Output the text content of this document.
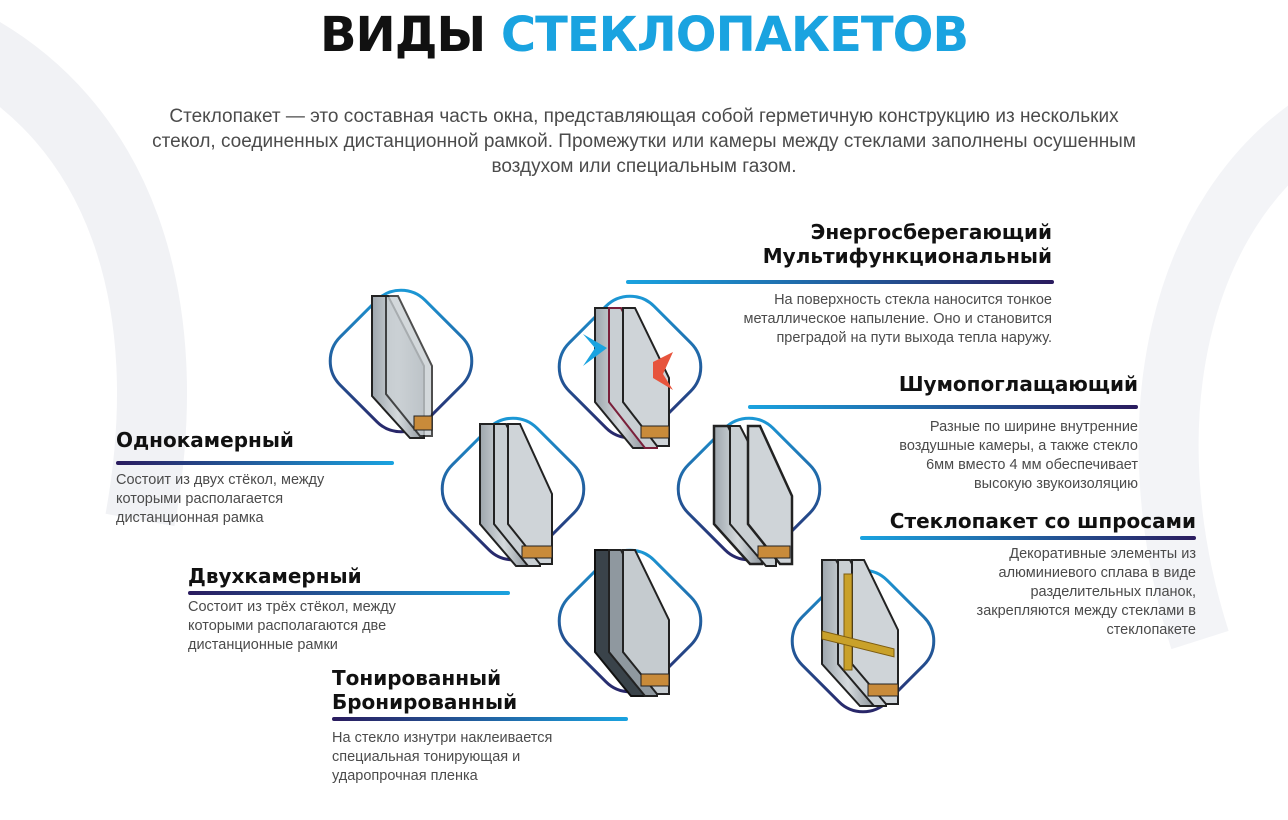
ВИДЫ СТЕКЛОПАКЕТОВ
Стеклопакет — это составная часть окна, представляющая собой герметичную конструкцию из нескольких
стекол, соединенных дистанционной рамкой. Промежутки или камеры между стеклами заполнены осушенным
воздухом или специальным газом.
Однокамерный
Состоит из двух стёкол, между
которыми располагается
дистанционная рамка
Двухкамерный
Состоит из трёх стёкол, между
которыми располагаются две
дистанционные рамки
Тонированный
Бронированный
На стекло изнутри наклеивается
специальная тонирующая и
ударопрочная пленка
Энергосберегающий
Мультифункциональный
На поверхность стекла наносится тонкое
металлическое напыление. Оно и становится
преградой на пути выхода тепла наружу.
Шумопоглащающий
Разные по ширине внутренние
воздушные камеры, а также стекло
6мм вместо 4 мм обеспечивает
высокую звукоизоляцию
Стеклопакет со шпросами
Декоративные элементы из
алюминиевого сплава в виде
разделительных планок,
закрепляются между стеклами в
стеклопакете
